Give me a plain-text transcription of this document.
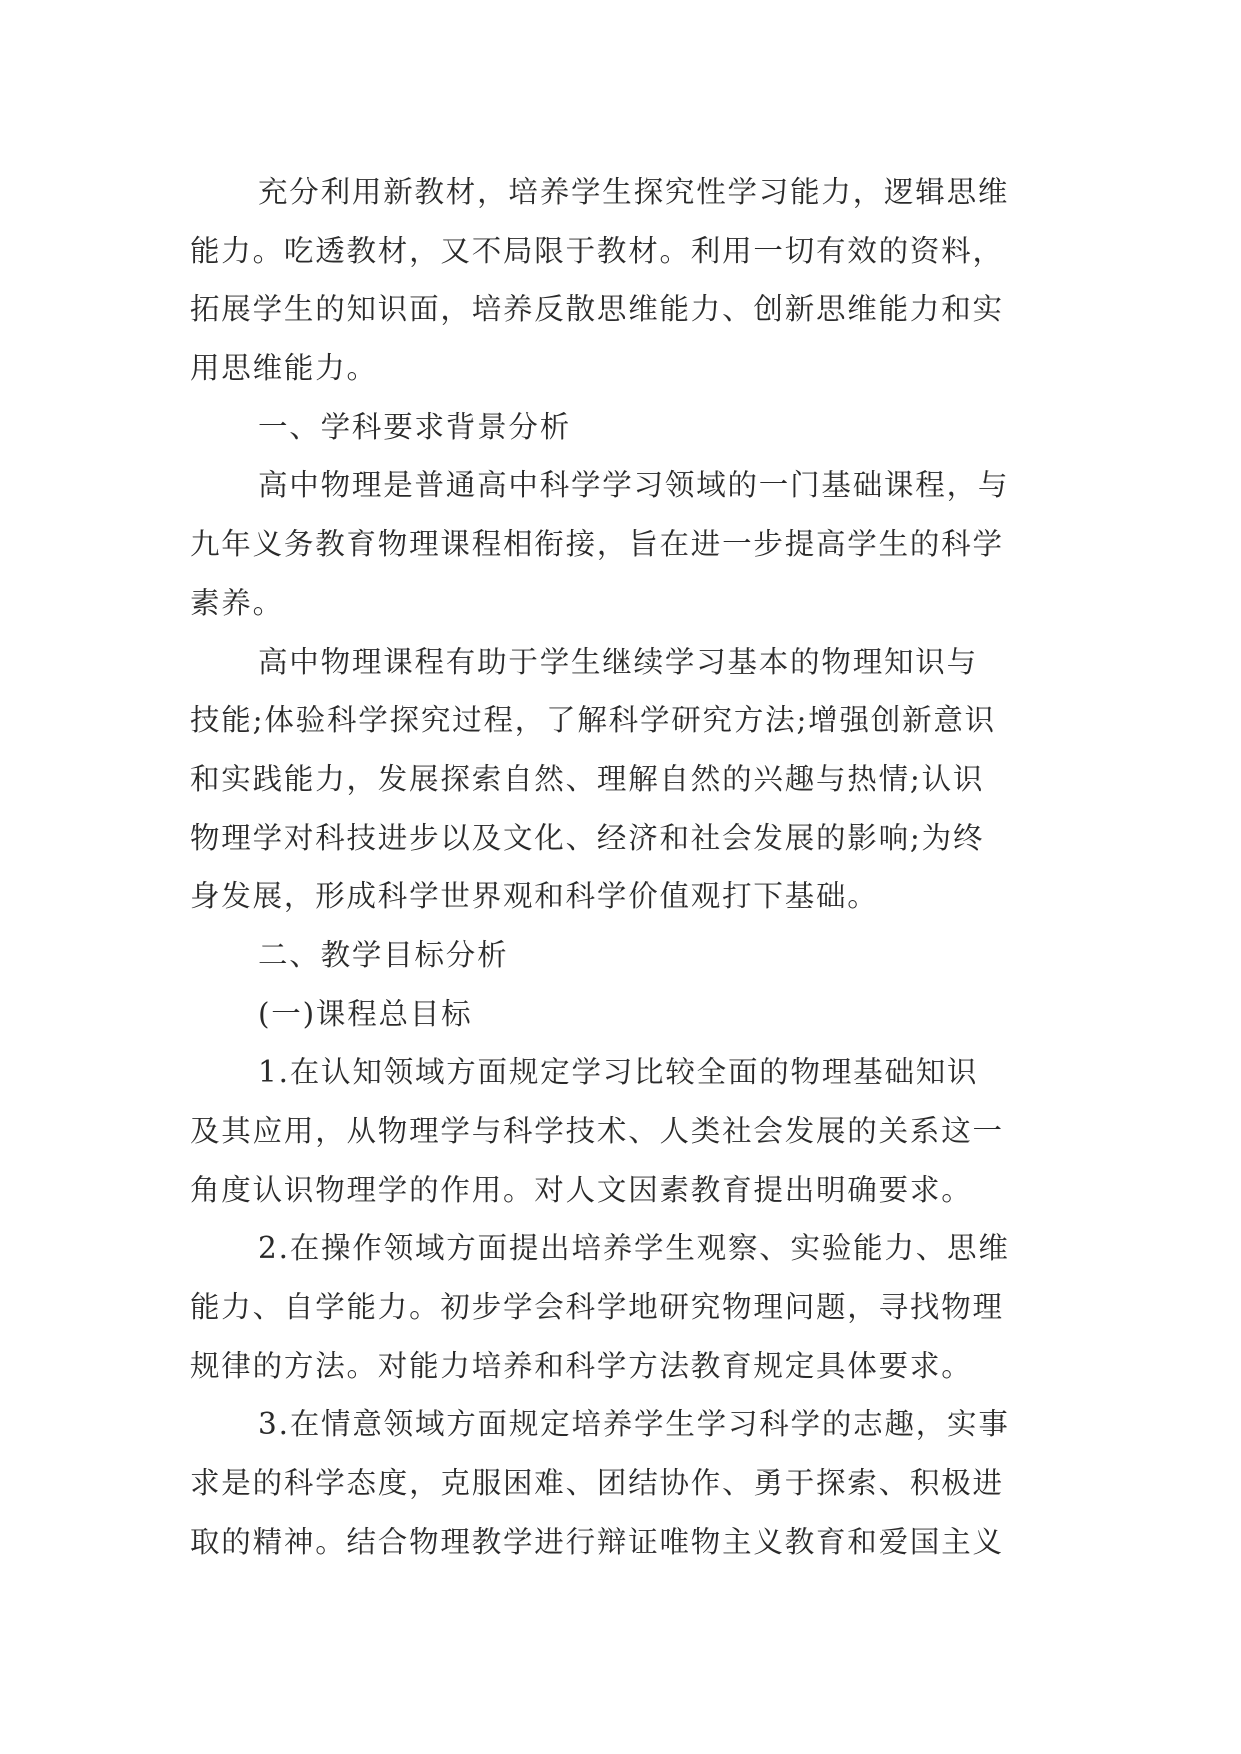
充分利用新教材，培养学生探究性学习能力，逻辑思维
能力。吃透教材，又不局限于教材。利用一切有效的资料，
拓展学生的知识面，培养反散思维能力、创新思维能力和实
用思维能力。
一、学科要求背景分析
高中物理是普通高中科学学习领域的一门基础课程，与
九年义务教育物理课程相衔接，旨在进一步提高学生的科学
素养。
高中物理课程有助于学生继续学习基本的物理知识与
技能;体验科学探究过程，了解科学研究方法;增强创新意识
和实践能力，发展探索自然、理解自然的兴趣与热情;认识
物理学对科技进步以及文化、经济和社会发展的影响;为终
身发展，形成科学世界观和科学价值观打下基础。
二、教学目标分析
(一)课程总目标
1.在认知领域方面规定学习比较全面的物理基础知识
及其应用，从物理学与科学技术、人类社会发展的关系这一
角度认识物理学的作用。对人文因素教育提出明确要求。
2.在操作领域方面提出培养学生观察、实验能力、思维
能力、自学能力。初步学会科学地研究物理问题，寻找物理
规律的方法。对能力培养和科学方法教育规定具体要求。
3.在情意领域方面规定培养学生学习科学的志趣，实事
求是的科学态度，克服困难、团结协作、勇于探索、积极进
取的精神。结合物理教学进行辩证唯物主义教育和爱国主义
